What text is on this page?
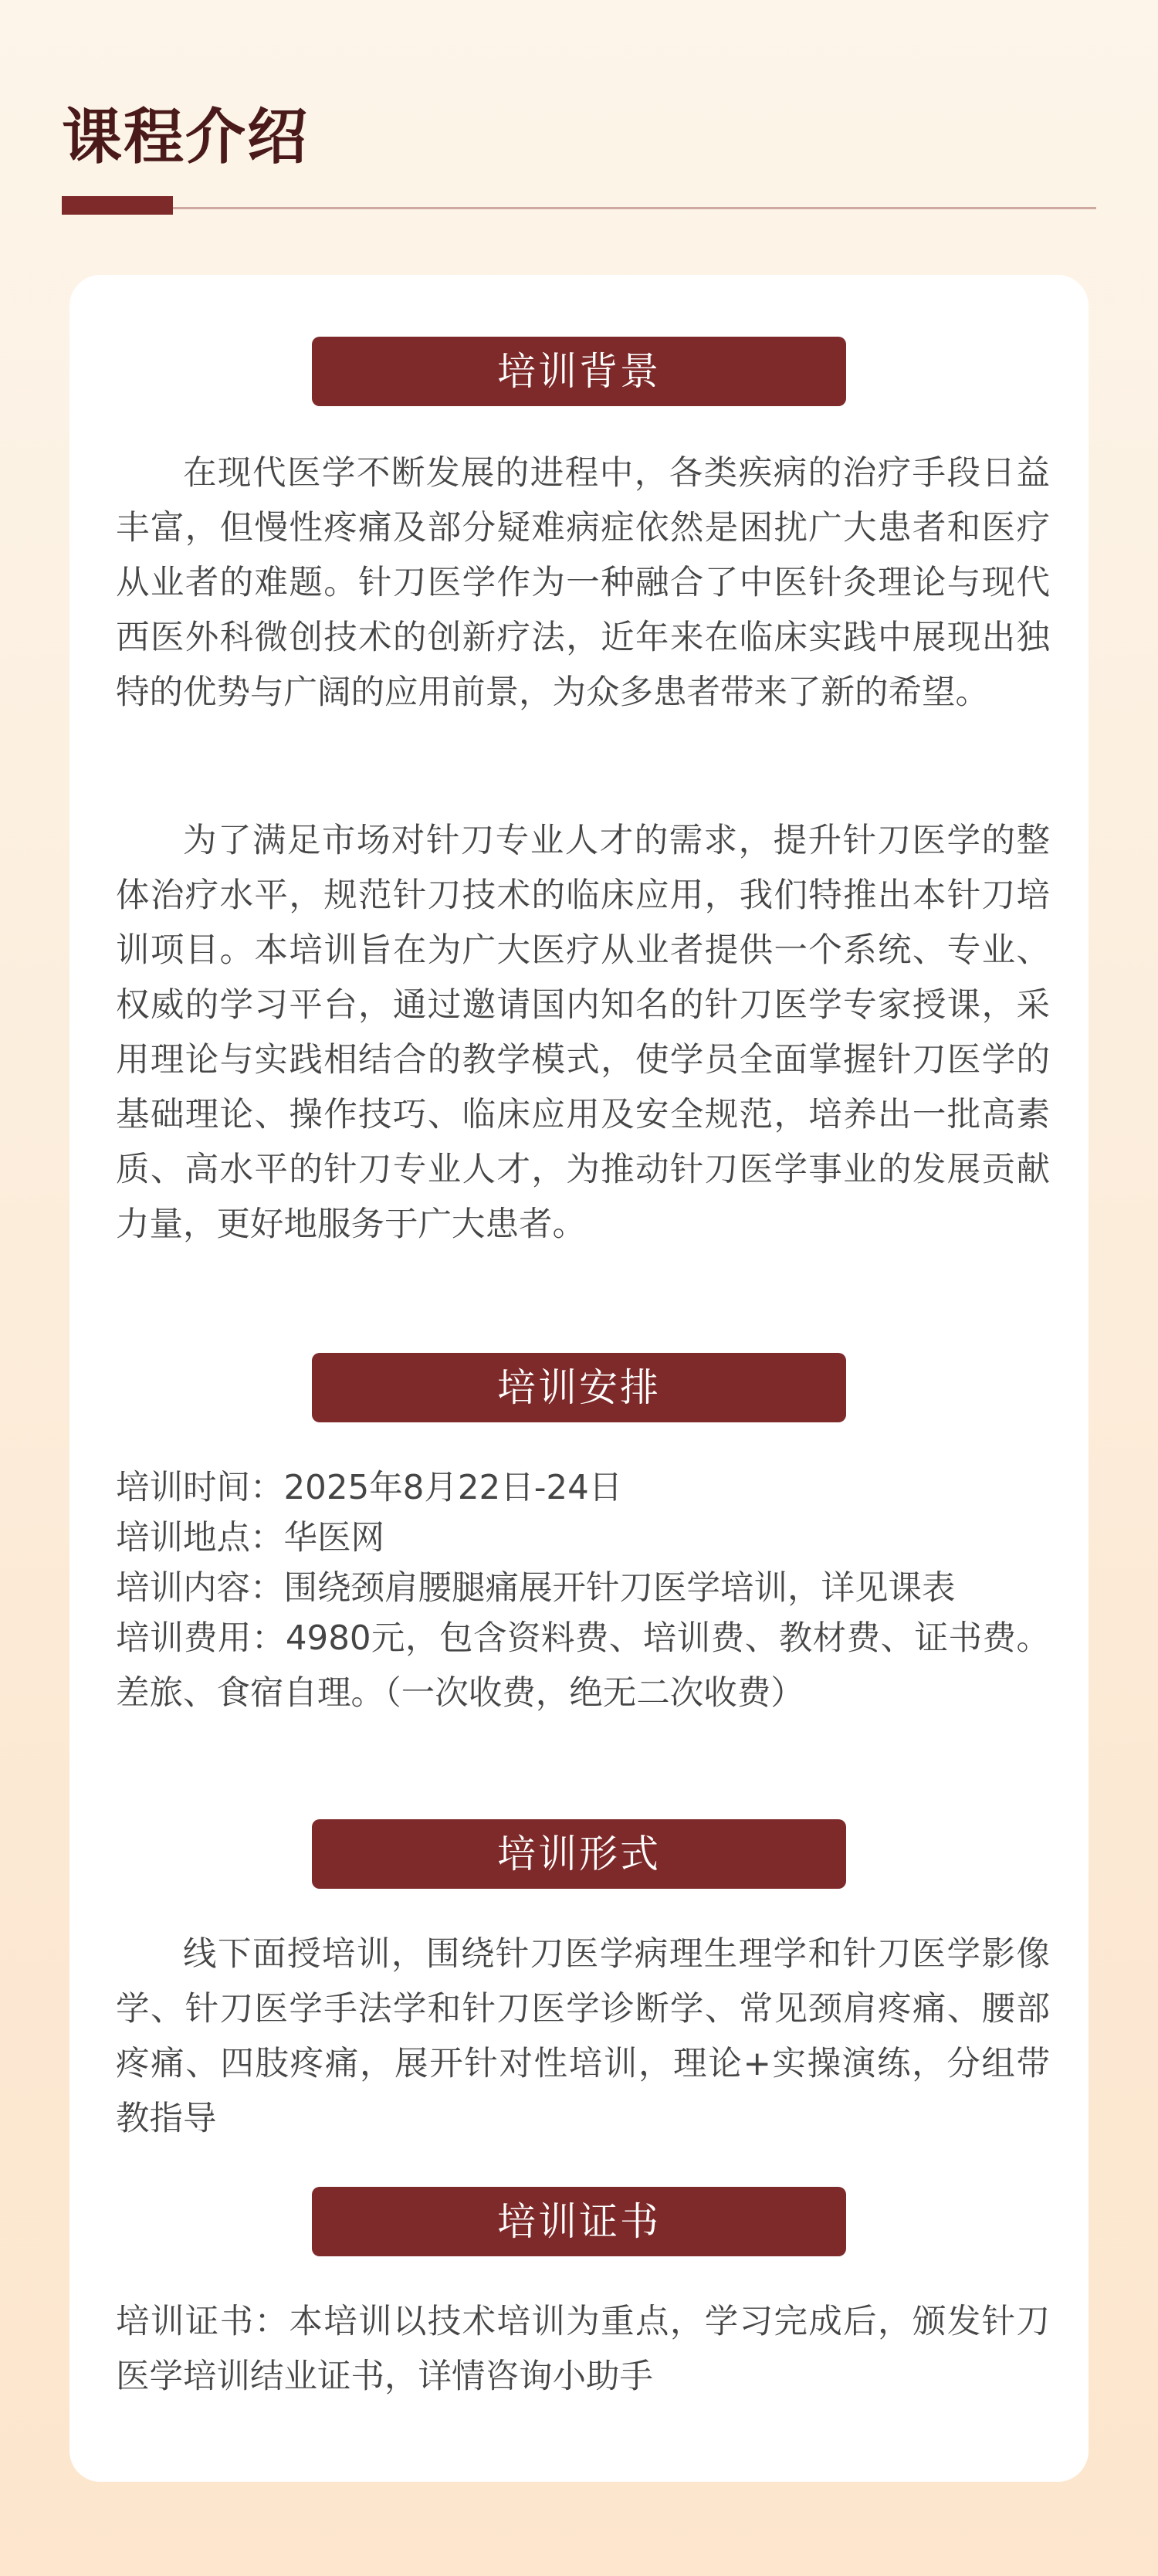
课程介绍
培训背景

在现代医学不断发展的进程中，各类疾病的治疗手段日益丰富，但慢性疼痛及部分疑难病症依然是困扰广大患者和医疗从业者的难题。针刀医学作为一种融合了中医针灸理论与现代西医外科微创技术的创新疗法，近年来在临床实践中展现出独特的优势与广阔的应用前景，为众多患者带来了新的希望。

为了满足市场对针刀专业人才的需求，提升针刀医学的整体治疗水平，规范针刀技术的临床应用，我们特推出本针刀培训项目。本培训旨在为广大医疗从业者提供一个系统、专业、权威的学习平台，通过邀请国内知名的针刀医学专家授课，采用理论与实践相结合的教学模式，使学员全面掌握针刀医学的基础理论、操作技巧、临床应用及安全规范，培养出一批高素质、高水平的针刀专业人才，为推动针刀医学事业的发展贡献力量，更好地服务于广大患者。

培训安排

培训时间：2025年8月22日-24日

培训地点：华医网

培训内容：围绕颈肩腰腿痛展开针刀医学培训，详见课表

培训费用：4980元，包含资料费、培训费、教材费、证书费。差旅、食宿自理。（一次收费，绝无二次收费）

培训形式

线下面授培训，围绕针刀医学病理生理学和针刀医学影像学、针刀医学手法学和针刀医学诊断学、常见颈肩疼痛、腰部疼痛、四肢疼痛，展开针对性培训，理论+实操演练，分组带教指导

培训证书

培训证书：本培训以技术培训为重点，学习完成后，颁发针刀医学培训结业证书，详情咨询小助手
